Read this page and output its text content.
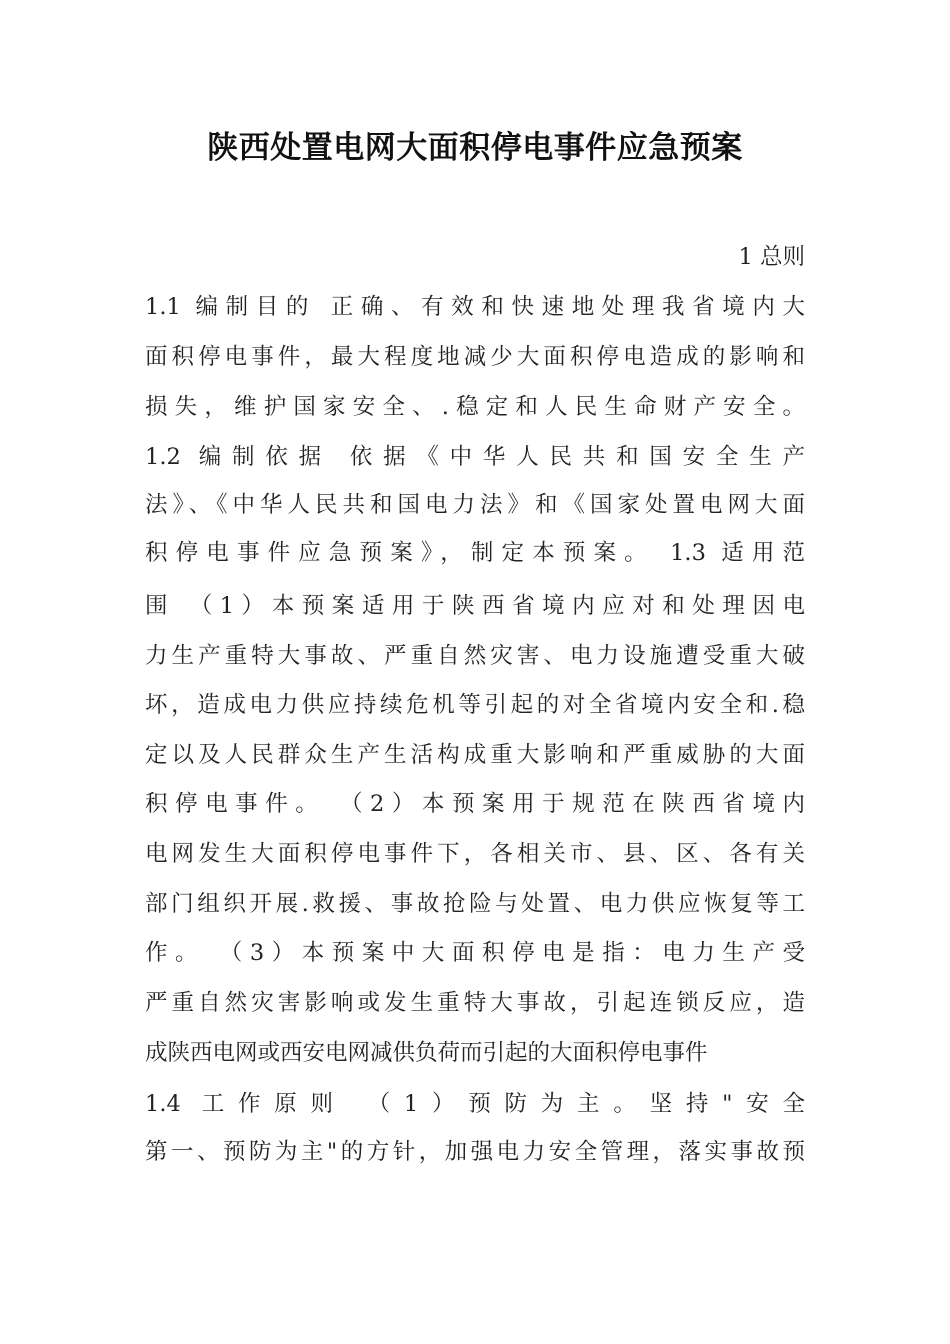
陕西处置电网大面积停电事件应急预案
1 总则
1.1 编制目的 正确、有效和快速地处理我省境内大
面积停电事件，最大程度地减少大面积停电造成的影响和
损失，维护国家安全、.稳定和人民生命财产安全。
1.2 编制依据 依据《中华人民共和国安全生产
法》、《中华人民共和国电力法》和《国家处置电网大面
积停电事件应急预案》，制定本预案。 1.3 适用范
围 （1）本预案适用于陕西省境内应对和处理因电
力生产重特大事故、严重自然灾害、电力设施遭受重大破
坏，造成电力供应持续危机等引起的对全省境内安全和.稳
定以及人民群众生产生活构成重大影响和严重威胁的大面
积停电事件。 （2）本预案用于规范在陕西省境内
电网发生大面积停电事件下，各相关市、县、区、各有关
部门组织开展.救援、事故抢险与处置、电力供应恢复等工
作。 （3）本预案中大面积停电是指：电力生产受
严重自然灾害影响或发生重特大事故，引起连锁反应，造
成陕西电网或西安电网减供负荷而引起的大面积停电事件
1.4 工作原则 （1）预防为主。坚持"安全
第一、预防为主"的方针，加强电力安全管理，落实事故预
